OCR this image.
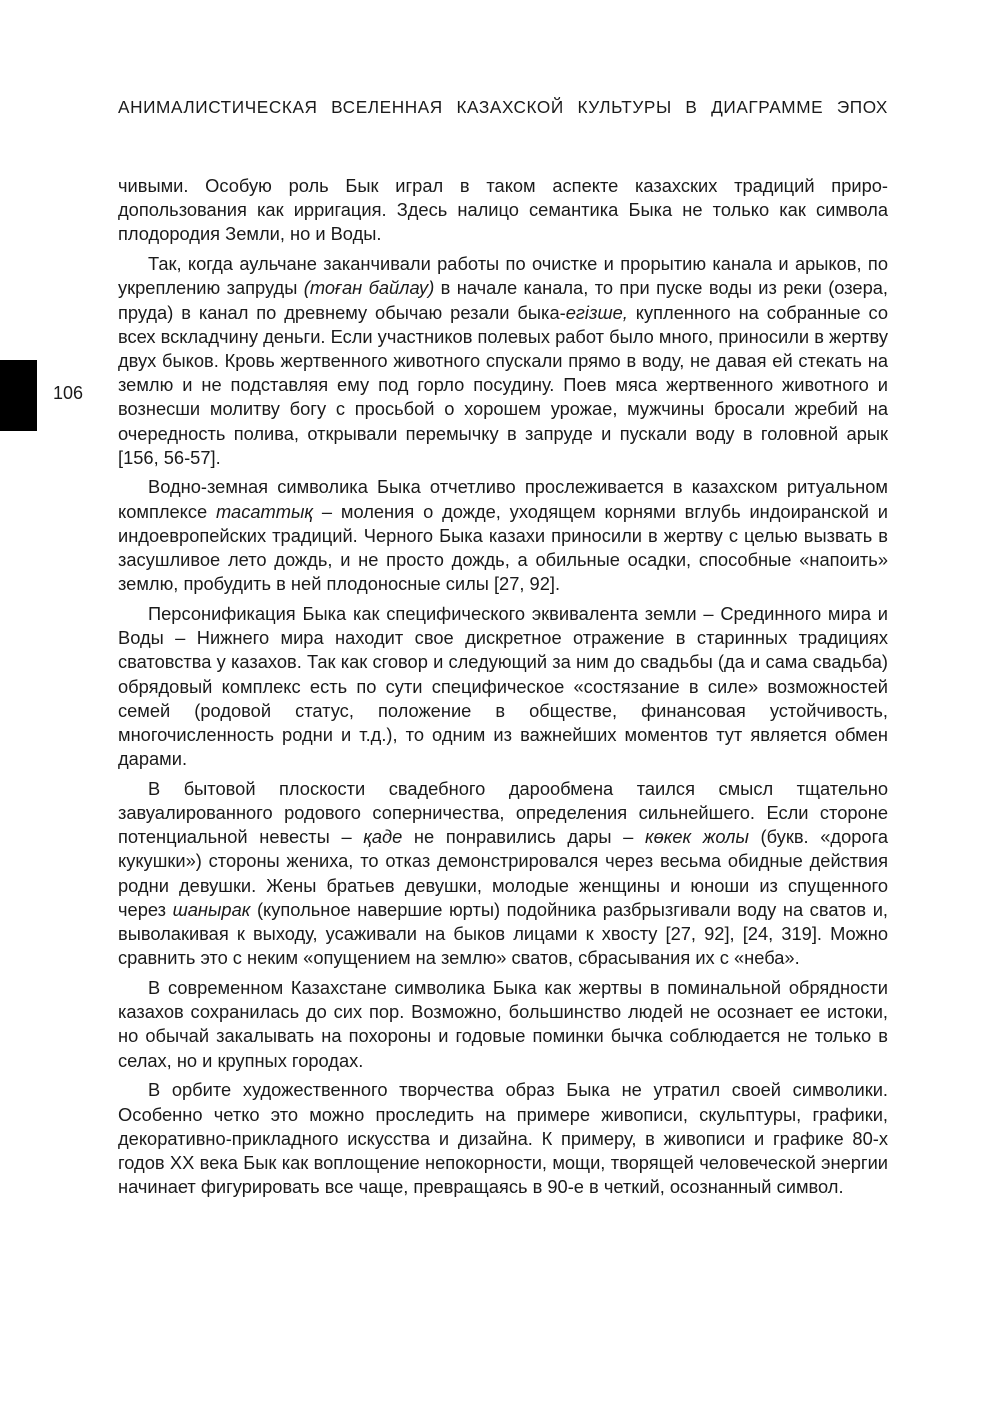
АНИМАЛИСТИЧЕСКАЯ ВСЕЛЕННАЯ КАЗАХСКОЙ КУЛЬТУРЫ В ДИАГРАММЕ ЭПОХ
106

чивыми. Особую роль Бык играл в таком аспекте казахских традиций приро-допользования как ирригация. Здесь налицо семантика Быка не только как символа плодородия Земли, но и Воды.

Так, когда аульчане заканчивали работы по очистке и прорытию канала и арыков, по укреплению запруды (тоған байлау) в начале канала, то при пуске воды из реки (озера, пруда) в канал по древнему обычаю резали быка-егізше, купленного на собранные со всех вскладчину деньги. Если участников полевых работ было много, приносили в жертву двух быков. Кровь жертвенного животного спускали прямо в воду, не давая ей стекать на землю и не подставляя ему под горло посудину. Поев мяса жертвенного животного и вознесши молитву богу с просьбой о хорошем урожае, мужчины бросали жребий на очередность полива, открывали перемычку в запруде и пускали воду в головной арык [156, 56-57].

Водно-земная символика Быка отчетливо прослеживается в казахском ритуальном комплексе тасаттық – моления о дожде, уходящем корнями вглубь индоиранской и индоевропейских традиций. Черного Быка казахи приносили в жертву с целью вызвать в засушливое лето дождь, и не просто дождь, а обильные осадки, способные «напоить» землю, пробудить в ней плодоносные силы [27, 92].

Персонификация Быка как специфического эквивалента земли – Срединного мира и Воды – Нижнего мира находит свое дискретное отражение в старинных традициях сватовства у казахов. Так как сговор и следующий за ним до свадьбы (да и сама свадьба) обрядовый комплекс есть по сути специфическое «состязание в силе» возможностей семей (родовой статус, положение в обществе, финансовая устойчивость, многочисленность родни и т.д.), то одним из важнейших моментов тут является обмен дарами.

В бытовой плоскости свадебного дарообмена таился смысл тщательно завуалированного родового соперничества, определения сильнейшего. Если стороне потенциальной невесты – қаде не понравились дары – көкек жолы (букв. «дорога кукушки») стороны жениха, то отказ демонстрировался через весьма обидные действия родни девушки. Жены братьев девушки, молодые женщины и юноши из спущенного через шанырак (купольное навершие юрты) подойника разбрызгивали воду на сватов и, выволакивая к выходу, усаживали на быков лицами к хвосту [27, 92], [24, 319]. Можно сравнить это с неким «опущением на землю» сватов, сбрасывания их с «неба».

В современном Казахстане символика Быка как жертвы в поминальной обрядности казахов сохранилась до сих пор. Возможно, большинство людей не осознает ее истоки, но обычай закалывать на похороны и годовые поминки бычка соблюдается не только в селах, но и крупных городах.

В орбите художественного творчества образ Быка не утратил своей символики. Особенно четко это можно проследить на примере живописи, скульптуры, графики, декоративно-прикладного искусства и дизайна. К примеру, в живописи и графике 80-х годов XX века Бык как воплощение непокорности, мощи, творящей человеческой энергии начинает фигурировать все чаще, превращаясь в 90-е в четкий, осознанный символ.
